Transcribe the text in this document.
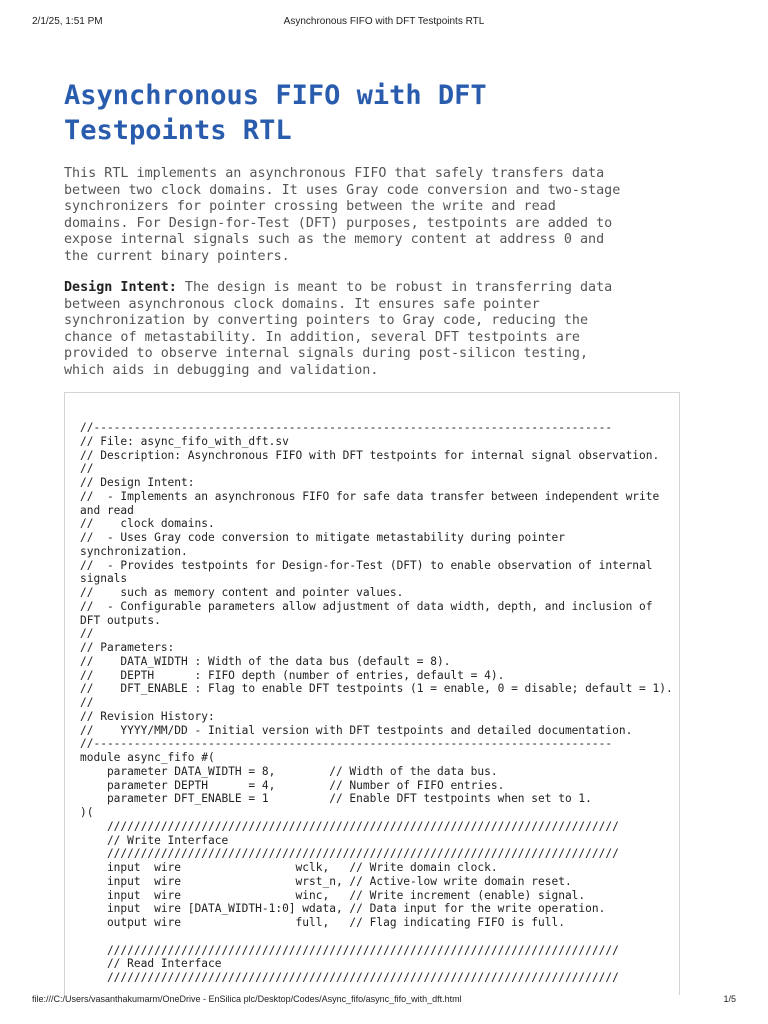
2/1/25, 1:51 PM	Asynchronous FIFO with DFT Testpoints RTL
Asynchronous FIFO with DFT
Testpoints RTL

This RTL implements an asynchronous FIFO that safely transfers data
between two clock domains. It uses Gray code conversion and two-stage
synchronizers for pointer crossing between the write and read
domains. For Design-for-Test (DFT) purposes, testpoints are added to
expose internal signals such as the memory content at address 0 and
the current binary pointers.

Design Intent: The design is meant to be robust in transferring data
between asynchronous clock domains. It ensures safe pointer
synchronization by converting pointers to Gray code, reducing the
chance of metastability. In addition, several DFT testpoints are
provided to observe internal signals during post-silicon testing,
which aids in debugging and validation.

//-----------------------------------------------------------------------------
// File: async_fifo_with_dft.sv
// Description: Asynchronous FIFO with DFT testpoints for internal signal observation.
//
// Design Intent:
//  - Implements an asynchronous FIFO for safe data transfer between independent write
and read
//    clock domains.
//  - Uses Gray code conversion to mitigate metastability during pointer
synchronization.
//  - Provides testpoints for Design-for-Test (DFT) to enable observation of internal
signals
//    such as memory content and pointer values.
//  - Configurable parameters allow adjustment of data width, depth, and inclusion of
DFT outputs.
//
// Parameters:
//    DATA_WIDTH : Width of the data bus (default = 8).
//    DEPTH      : FIFO depth (number of entries, default = 4).
//    DFT_ENABLE : Flag to enable DFT testpoints (1 = enable, 0 = disable; default = 1).
//
// Revision History:
//    YYYY/MM/DD - Initial version with DFT testpoints and detailed documentation.
//-----------------------------------------------------------------------------
module async_fifo #(
parameter DATA_WIDTH = 8,        // Width of the data bus.
parameter DEPTH      = 4,        // Number of FIFO entries.
parameter DFT_ENABLE = 1         // Enable DFT testpoints when set to 1.
)(
////////////////////////////////////////////////////////////////////////////
// Write Interface
////////////////////////////////////////////////////////////////////////////
input  wire                 wclk,   // Write domain clock.
input  wire                 wrst_n, // Active-low write domain reset.
input  wire                 winc,   // Write increment (enable) signal.
input  wire [DATA_WIDTH-1:0] wdata, // Data input for the write operation.
output wire                 full,   // Flag indicating FIFO is full.

////////////////////////////////////////////////////////////////////////////
// Read Interface
////////////////////////////////////////////////////////////////////////////
file:///C:/Users/vasanthakumarm/OneDrive - EnSilica plc/Desktop/Codes/Async_fifo/async_fifo_with_dft.html	1/5
